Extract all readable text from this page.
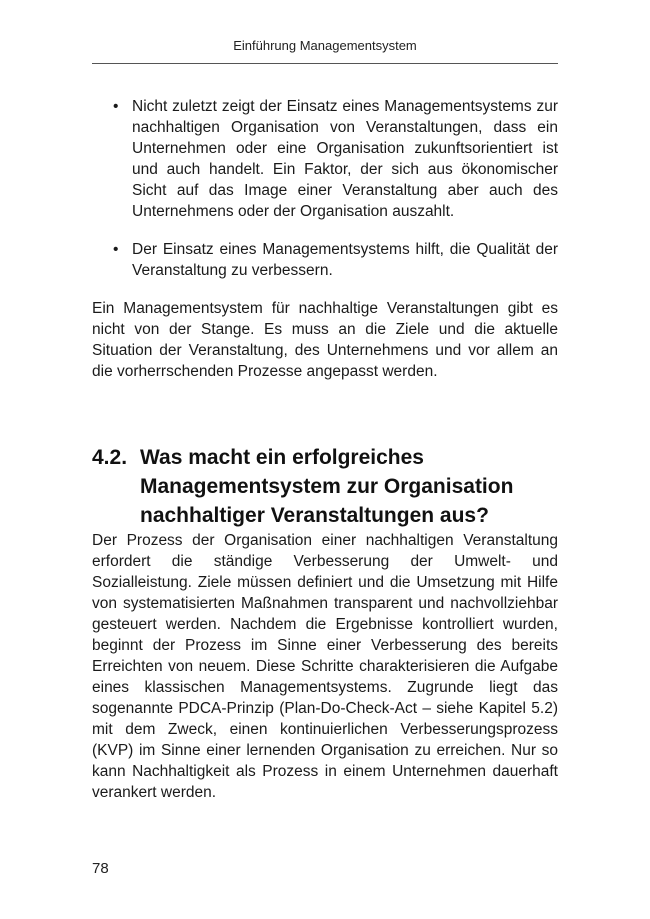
Einführung Managementsystem
• Nicht zuletzt zeigt der Einsatz eines Managementsystems zur nachhaltigen Organisation von Veranstaltungen, dass ein Unternehmen oder eine Organisation zukunftsorientiert ist und auch handelt. Ein Faktor, der sich aus ökonomischer Sicht auf das Image einer Veranstaltung aber auch des Unternehmens oder der Organisation auszahlt.
• Der Einsatz eines Managementsystems hilft, die Qualität der Veranstaltung zu verbessern.

Ein Managementsystem für nachhaltige Veranstaltungen gibt es nicht von der Stange. Es muss an die Ziele und die aktuelle Situation der Veranstaltung, des Unternehmens und vor allem an die vorherrschenden Prozesse angepasst werden.

4.2. Was macht ein erfolgreiches Managementsystem zur Organisation nachhaltiger Veranstaltungen aus?

Der Prozess der Organisation einer nachhaltigen Veranstaltung erfordert die ständige Verbesserung der Umwelt- und Sozialleistung. Ziele müssen definiert und die Umsetzung mit Hilfe von systematisierten Maßnahmen transparent und nachvollziehbar gesteuert werden. Nachdem die Ergebnisse kontrolliert wurden, beginnt der Prozess im Sinne einer Verbesserung des bereits Erreichten von neuem. Diese Schritte charakterisieren die Aufgabe eines klassischen Managementsystems. Zugrunde liegt das sogenannte PDCA-Prinzip (Plan-Do-Check-Act – siehe Kapitel 5.2) mit dem Zweck, einen kontinuierlichen Verbesserungsprozess (KVP) im Sinne einer lernenden Organisation zu erreichen. Nur so kann Nachhaltigkeit als Prozess in einem Unternehmen dauerhaft verankert werden.

78
